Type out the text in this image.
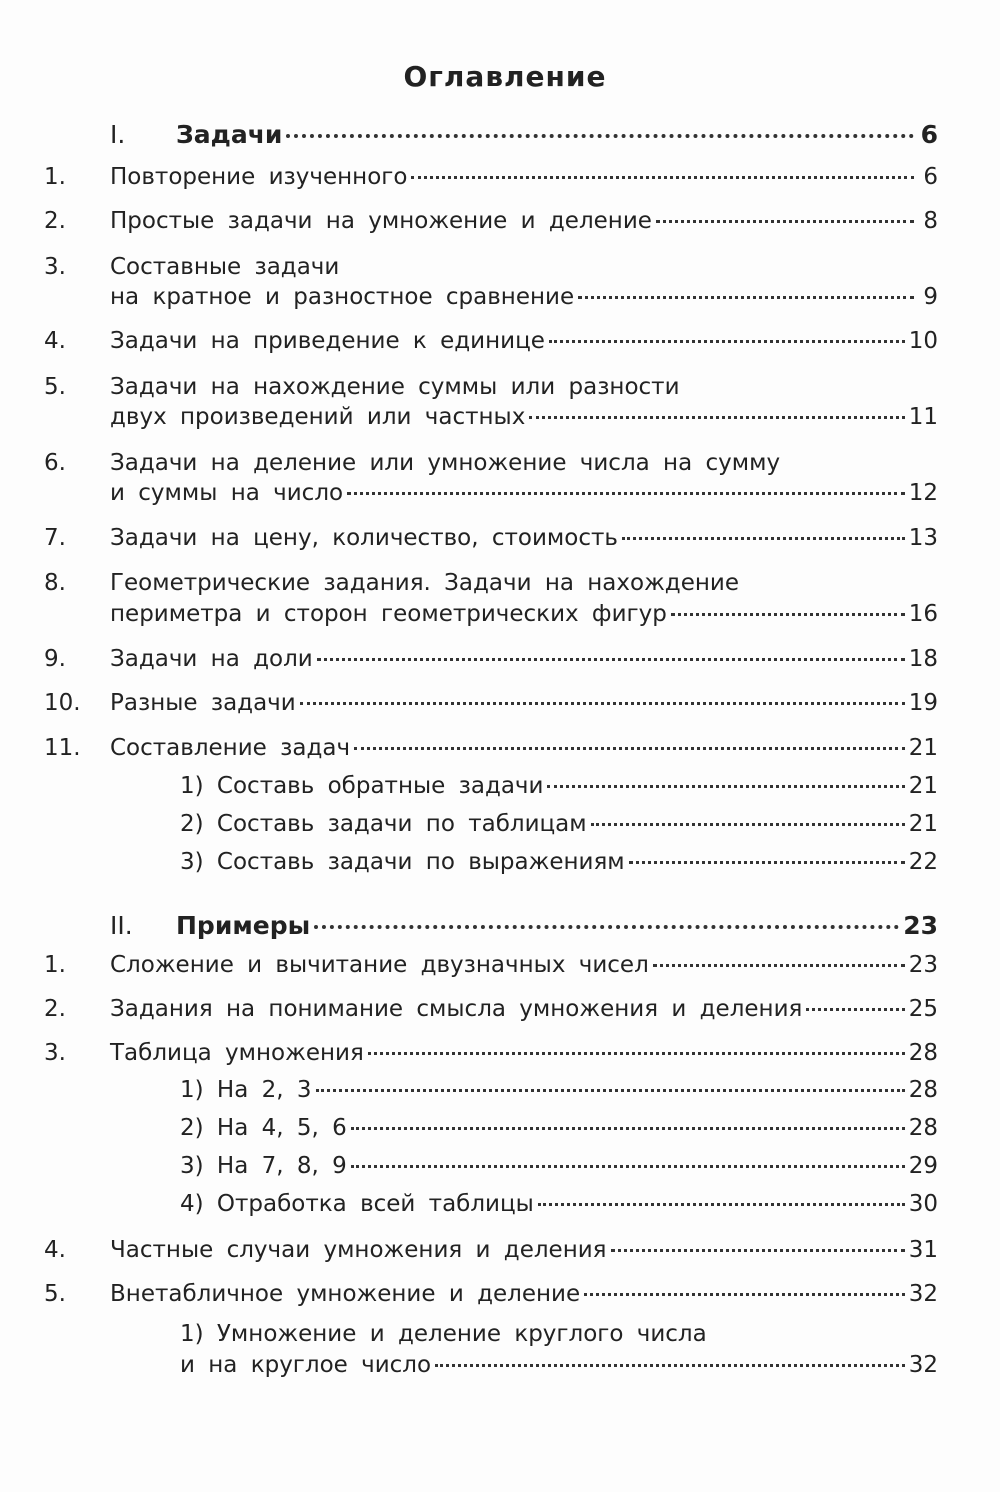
Оглавление
I.	Задачи	6
1. Повторение изученного	6
2. Простые задачи на умножение и деление	8
3. Составные задачи
на кратное и разностное сравнение	9
4. Задачи на приведение к единице	10
5. Задачи на нахождение суммы или разности
двух произведений или частных	11
6. Задачи на деление или умножение числа на сумму
и суммы на число	12
7. Задачи на цену, количество, стоимость	13
8. Геометрические задания. Задачи на нахождение
периметра и сторон геометрических фигур	16
9. Задачи на доли	18
10. Разные задачи	19
11. Составление задач	21
1) Составь обратные задачи	21
2) Составь задачи по таблицам	21
3) Составь задачи по выражениям	22
II.	Примеры	23
1. Сложение и вычитание двузначных чисел	23
2. Задания на понимание смысла умножения и деления	25
3. Таблица умножения	28
1) На 2, 3	28
2) На 4, 5, 6	28
3) На 7, 8, 9	29
4) Отработка всей таблицы	30
4. Частные случаи умножения и деления	31
5. Внетабличное умножение и деление	32
1) Умножение и деление круглого числа
и на круглое число	32
